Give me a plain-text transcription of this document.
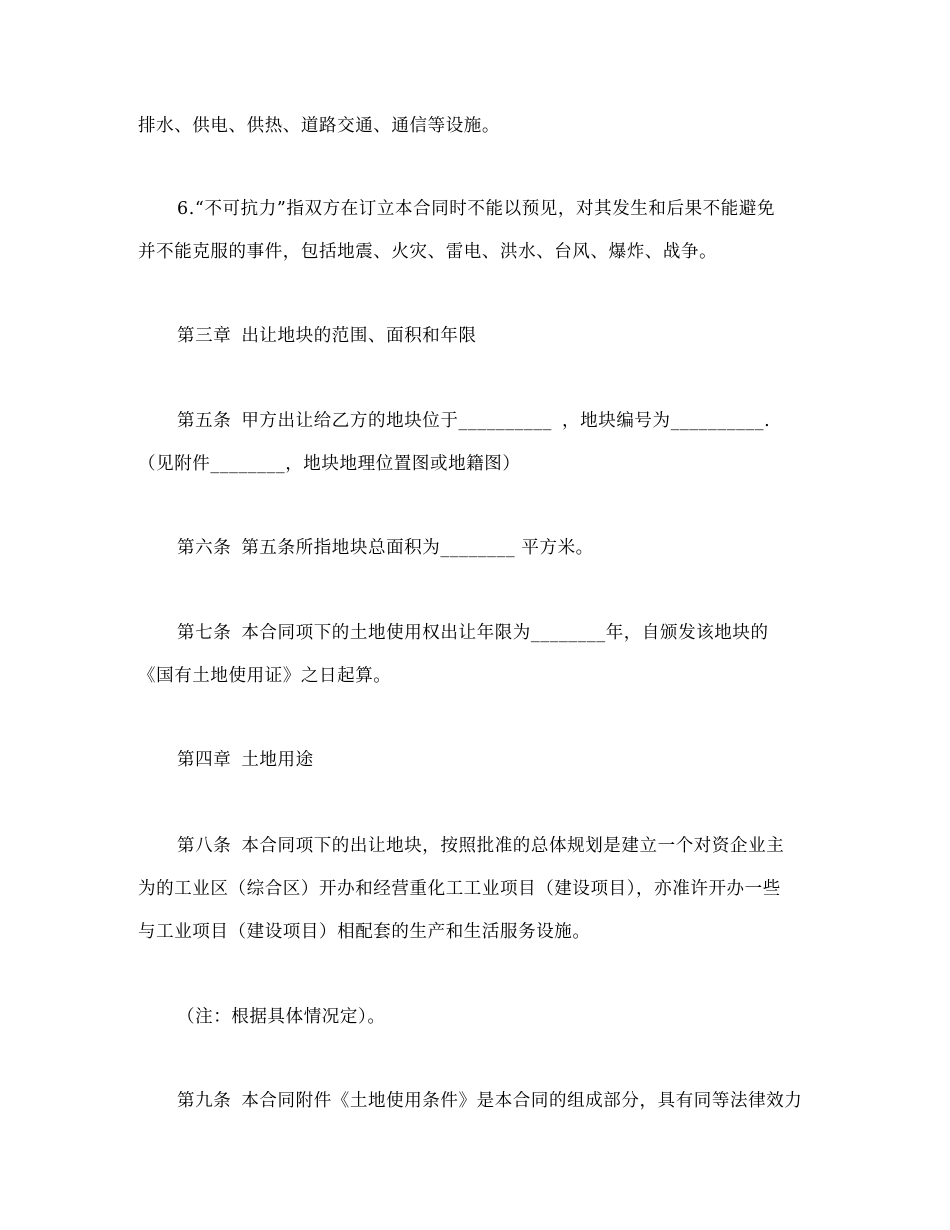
排水、供电、供热、道路交通、通信等设施。
6.“不可抗力”指双方在订立本合同时不能以预见，对其发生和后果不能避免
并不能克服的事件，包括地震、火灾、雷电、洪水、台风、爆炸、战争。
第三章 出让地块的范围、面积和年限
第五条 甲方出让给乙方的地块位于__________ ，地块编号为__________.
（见附件________，地块地理位置图或地籍图）
第六条 第五条所指地块总面积为________ 平方米。
第七条 本合同项下的土地使用权出让年限为________年，自颁发该地块的
《国有土地使用证》之日起算。
第四章 土地用途
第八条 本合同项下的出让地块，按照批准的总体规划是建立一个对资企业主
为的工业区（综合区）开办和经营重化工工业项目（建设项目），亦准许开办一些
与工业项目（建设项目）相配套的生产和生活服务设施。
（注：根据具体情况定）。
第九条 本合同附件《土地使用条件》是本合同的组成部分，具有同等法律效力
